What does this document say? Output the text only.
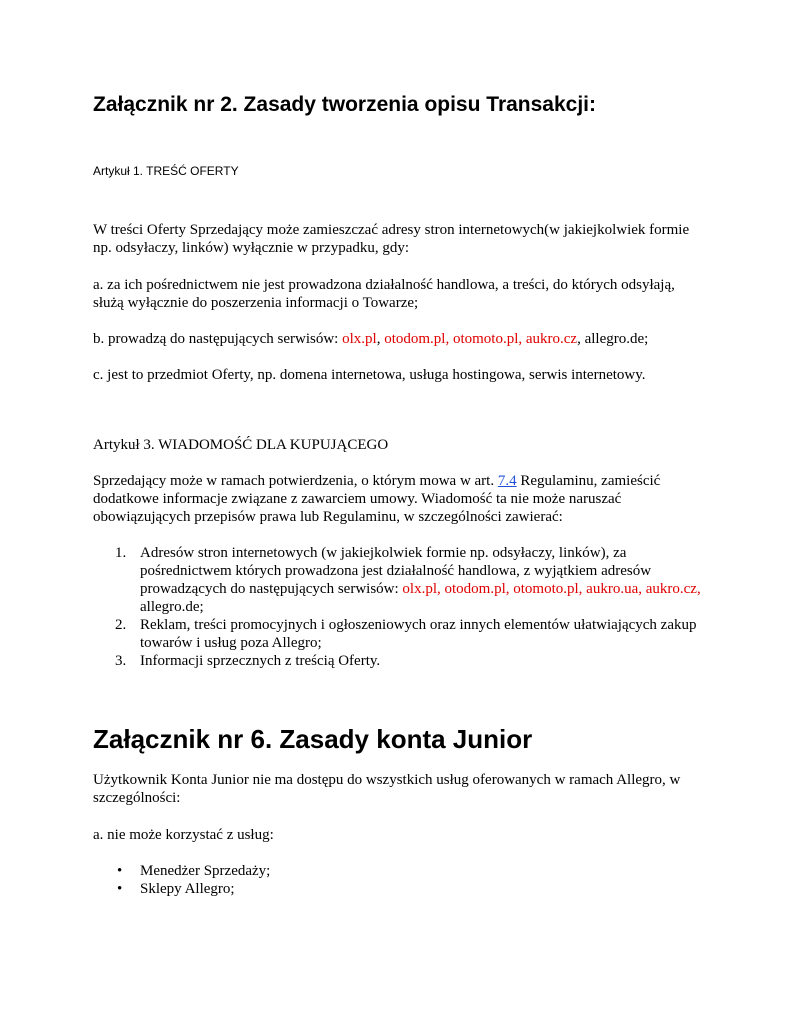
Załącznik nr 2. Zasady tworzenia opisu Transakcji:
Artykuł 1. TREŚĆ OFERTY

W treści Oferty Sprzedający może zamieszczać adresy stron internetowych(w jakiejkolwiek formie np. odsyłaczy, linków) wyłącznie w przypadku, gdy:

a. za ich pośrednictwem nie jest prowadzona działalność handlowa, a treści, do których odsyłają, służą wyłącznie do poszerzenia informacji o Towarze;

b. prowadzą do następujących serwisów: olx.pl, otodom.pl, otomoto.pl, aukro.cz, allegro.de;

c. jest to przedmiot Oferty, np. domena internetowa, usługa hostingowa, serwis internetowy.

Artykuł 3. WIADOMOŚĆ DLA KUPUJĄCEGO

Sprzedający może w ramach potwierdzenia, o którym mowa w art. 7.4 Regulaminu, zamieścić dodatkowe informacje związane z zawarciem umowy. Wiadomość ta nie może naruszać obowiązujących przepisów prawa lub Regulaminu, w szczególności zawierać:

1. Adresów stron internetowych (w jakiejkolwiek formie np. odsyłaczy, linków), za pośrednictwem których prowadzona jest działalność handlowa, z wyjątkiem adresów prowadzących do następujących serwisów: olx.pl, otodom.pl, otomoto.pl, aukro.ua, aukro.cz, allegro.de;
2. Reklam, treści promocyjnych i ogłoszeniowych oraz innych elementów ułatwiających zakup towarów i usług poza Allegro;
3. Informacji sprzecznych z treścią Oferty.
Załącznik nr 6. Zasady konta Junior

Użytkownik Konta Junior nie ma dostępu do wszystkich usług oferowanych w ramach Allegro, w szczególności:

a. nie może korzystać z usług:

• Menedżer Sprzedaży;
• Sklepy Allegro;
